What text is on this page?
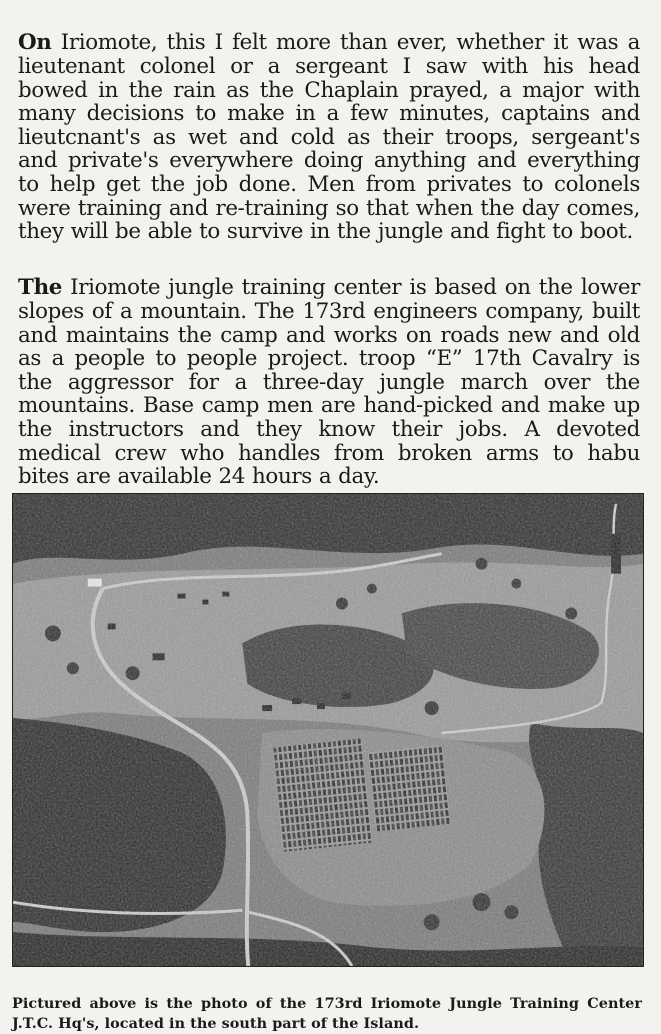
On Iriomote, this I felt more than ever, whether it was a lieutenant colonel or a sergeant I saw with his head bowed in the rain as the Chaplain prayed, a major with many decisions to make in a few minutes, captains and lieutcnant's as wet and cold as their troops, sergeant's and private's everywhere doing anything and everything to help get the job done. Men from privates to colonels were training and re-training so that when the day comes, they will be able to survive in the jungle and fight to boot.

The Iriomote jungle training center is based on the lower slopes of a mountain. The 173rd engineers company, built and maintains the camp and works on roads new and old as a people to people project. troop “E” 17th Cavalry is the aggressor for a three-day jungle march over the mountains. Base camp men are hand-picked and make up the instructors and they know their jobs. A devoted medical crew who handles from broken arms to habu bites are available 24 hours a day.

Pictured above is the photo of the 173rd Iriomote Jungle Training Center J.T.C. Hq's, located in the south part of the Island.
